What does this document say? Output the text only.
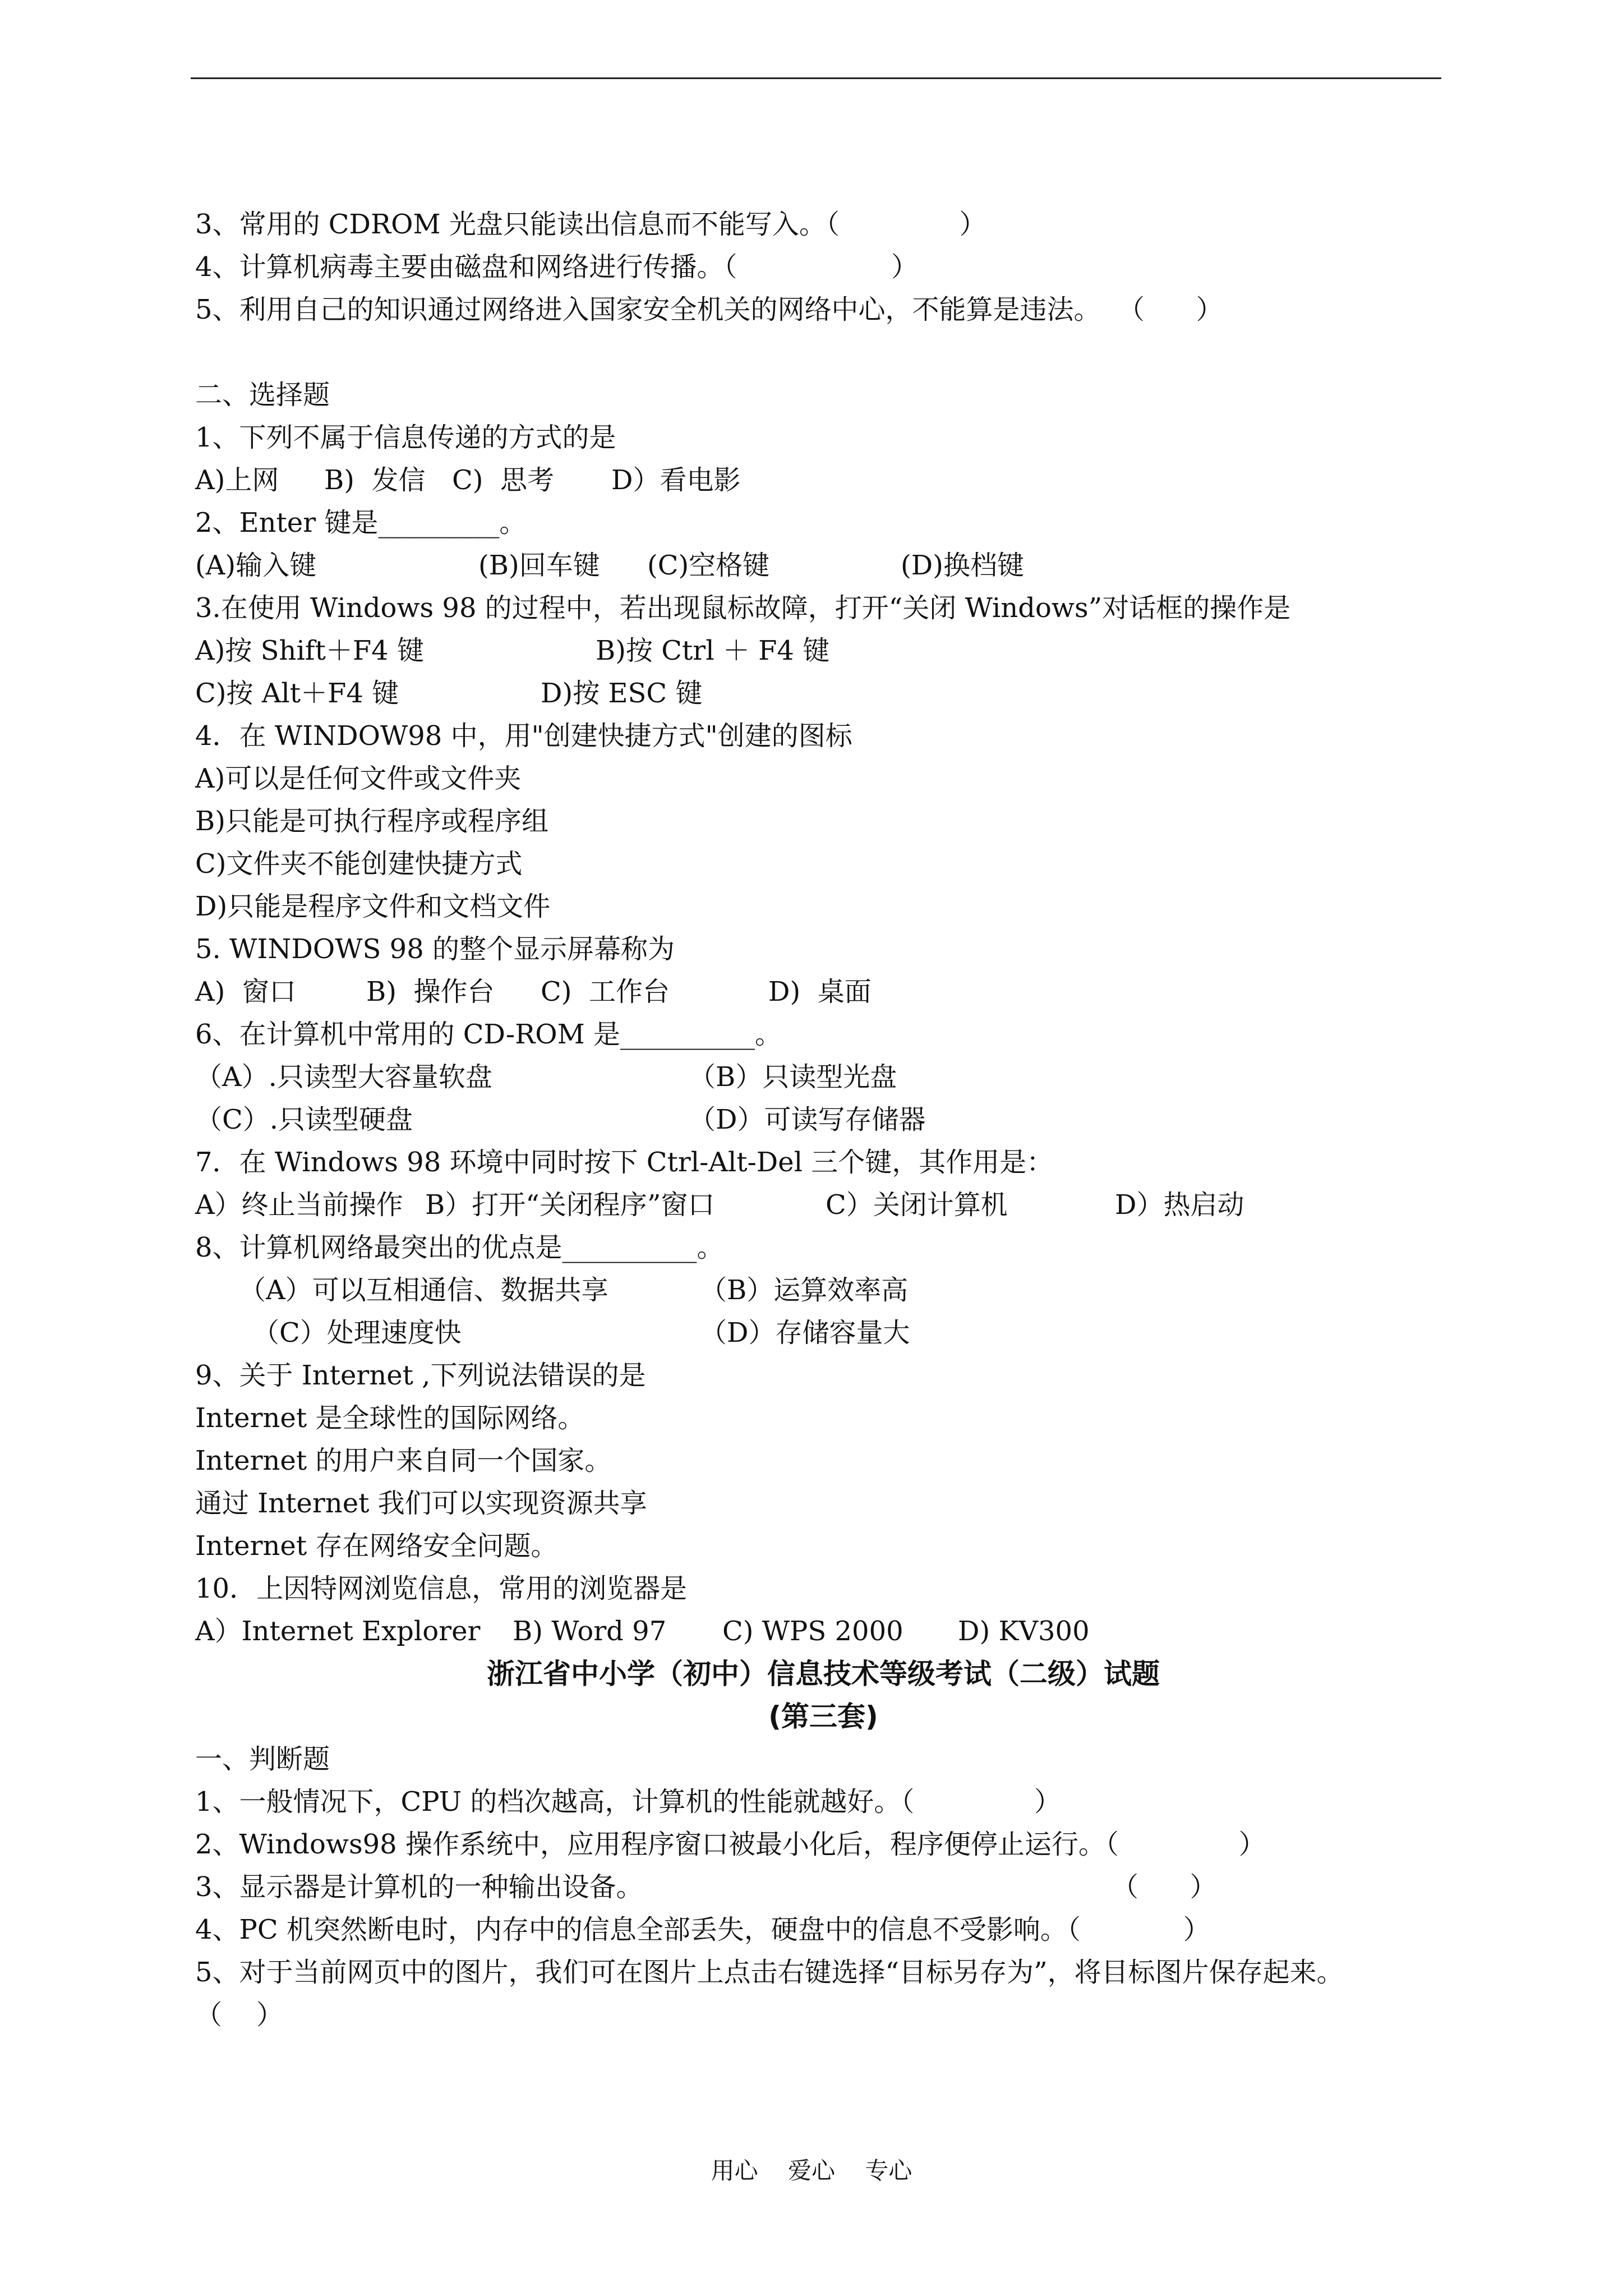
3、常用的 CDROM 光盘只能读出信息而不能写入。（              ）
4、计算机病毒主要由磁盘和网络进行传播。（                  ）
5、利用自己的知识通过网络进入国家安全机关的网络中心，不能算是违法。  （      ）
二、选择题
1、下列不属于信息传递的方式的是
A)上网 B)  发信 C)  思考 D）看电影
2、Enter 键是_________。
(A)输入键	(B)回车键 (C)空格键	(D)换档键
3.在使用 Windows 98 的过程中，若出现鼠标故障，打开“关闭 Windows”对话框的操作是
A)按 Shift＋F4 键	B)按 Ctrl ＋ F4 键
C)按 Alt＋F4 键	D)按 ESC 键
4．在 WINDOW98 中，用"创建快捷方式"创建的图标
A)可以是任何文件或文件夹
B)只能是可执行程序或程序组
C)文件夹不能创建快捷方式
D)只能是程序文件和文档文件
5. WINDOWS 98 的整个显示屏幕称为
A)  窗口	B)  操作台 C)  工作台	D)  桌面
6、在计算机中常用的 CD-ROM 是__________。
（A）.只读型大容量软盘	（B）只读型光盘
（C）.只读型硬盘	（D）可读写存储器
7．在 Windows 98 环境中同时按下 Ctrl-Alt-Del 三个键，其作用是：
A）终止当前操作 B）打开“关闭程序”窗口	C）关闭计算机	D）热启动
8、计算机网络最突出的优点是__________。
（A）可以互相通信、数据共享	（B）运算效率高
（C）处理速度快	（D）存储容量大
9、关于 Internet ,下列说法错误的是
Internet 是全球性的国际网络。
Internet 的用户来自同一个国家。
通过 Internet 我们可以实现资源共享
Internet 存在网络安全问题。
10．上因特网浏览信息，常用的浏览器是
A）Internet Explorer B) Word 97 C) WPS 2000 D) KV300
浙江省中小学（初中）信息技术等级考试（二级）试题
(第三套)
一、判断题
1、一般情况下，CPU 的档次越高，计算机的性能就越好。（              ）
2、Windows98 操作系统中，应用程序窗口被最小化后，程序便停止运行。（              ）
3、显示器是计算机的一种输出设备。	（      ）
4、PC 机突然断电时，内存中的信息全部丢失，硬盘中的信息不受影响。（            ）
5、对于当前网页中的图片，我们可在图片上点击右键选择“目标另存为”，将目标图片保存起来。
（    ）
用心    爱心    专心
